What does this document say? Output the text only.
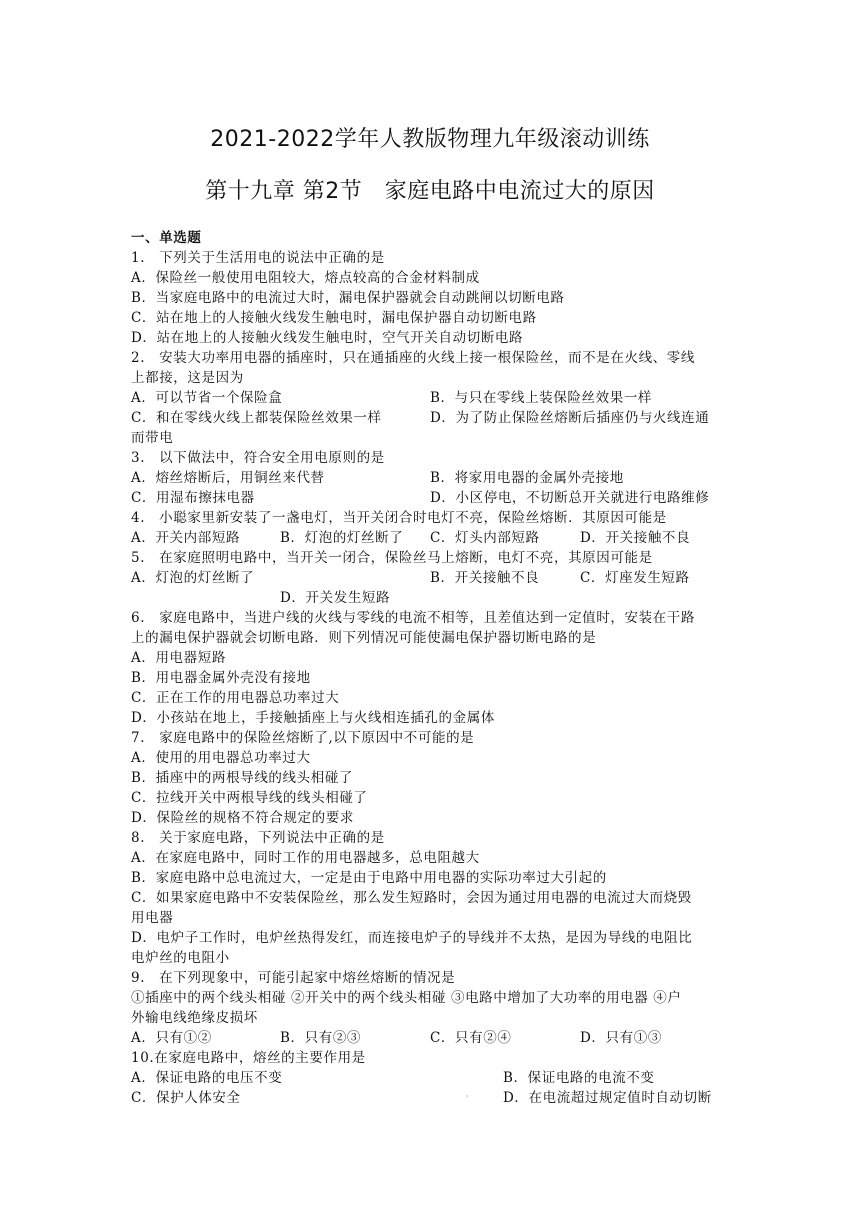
2021-2022学年人教版物理九年级滚动训练
第十九章 第2节　家庭电路中电流过大的原因
一、单选题
1.　下列关于生活用电的说法中正确的是
A．保险丝一般使用电阻较大，熔点较高的合金材料制成
B．当家庭电路中的电流过大时，漏电保护器就会自动跳闸以切断电路
C．站在地上的人接触火线发生触电时，漏电保护器自动切断电路
D．站在地上的人接触火线发生触电时，空气开关自动切断电路
2.　安装大功率用电器的插座时，只在通插座的火线上接一根保险丝，而不是在火线、零线
上都接，这是因为
A．可以节省一个保险盒	B．与只在零线上装保险丝效果一样
C．和在零线火线上都装保险丝效果一样	D．为了防止保险丝熔断后插座仍与火线连通
而带电
3.　以下做法中，符合安全用电原则的是
A．熔丝熔断后，用铜丝来代替	B．将家用电器的金属外壳接地
C．用湿布擦抹电器	D．小区停电，不切断总开关就进行电路维修
4.　小聪家里新安装了一盏电灯，当开关闭合时电灯不亮，保险丝熔断．其原因可能是
A．开关内部短路	B．灯泡的灯丝断了 C．灯头内部短路	D．开关接触不良
5.　在家庭照明电路中，当开关一闭合，保险丝马上熔断，电灯不亮，其原因可能是
A．灯泡的灯丝断了	B．开关接触不良	C．灯座发生短路
D．开关发生短路
6.　家庭电路中，当进户线的火线与零线的电流不相等，且差值达到一定值时，安装在干路
上的漏电保护器就会切断电路．则下列情况可能使漏电保护器切断电路的是
A．用电器短路
B．用电器金属外壳没有接地
C．正在工作的用电器总功率过大
D．小孩站在地上，手接触插座上与火线相连插孔的金属体
7.　家庭电路中的保险丝熔断了,以下原因中不可能的是
A．使用的用电器总功率过大
B．插座中的两根导线的线头相碰了
C．拉线开关中两根导线的线头相碰了
D．保险丝的规格不符合规定的要求
8.　关于家庭电路，下列说法中正确的是
A．在家庭电路中，同时工作的用电器越多，总电阻越大
B．家庭电路中总电流过大，一定是由于电路中用电器的实际功率过大引起的
C．如果家庭电路中不安装保险丝，那么发生短路时，会因为通过用电器的电流过大而烧毁
用电器
D．电炉子工作时，电炉丝热得发红，而连接电炉子的导线并不太热，是因为导线的电阻比
电炉丝的电阻小
9.　在下列现象中，可能引起家中熔丝熔断的情况是
①插座中的两个线头相碰 ②开关中的两个线头相碰 ③电路中增加了大功率的用电器 ④户
外输电线绝缘皮损坏
A．只有①②	B．只有②③	C．只有②④	D．只有①③
10.在家庭电路中，熔丝的主要作用是
A．保证电路的电压不变	B．保证电路的电流不变
C．保护人体安全	'	D．在电流超过规定值时自动切断
